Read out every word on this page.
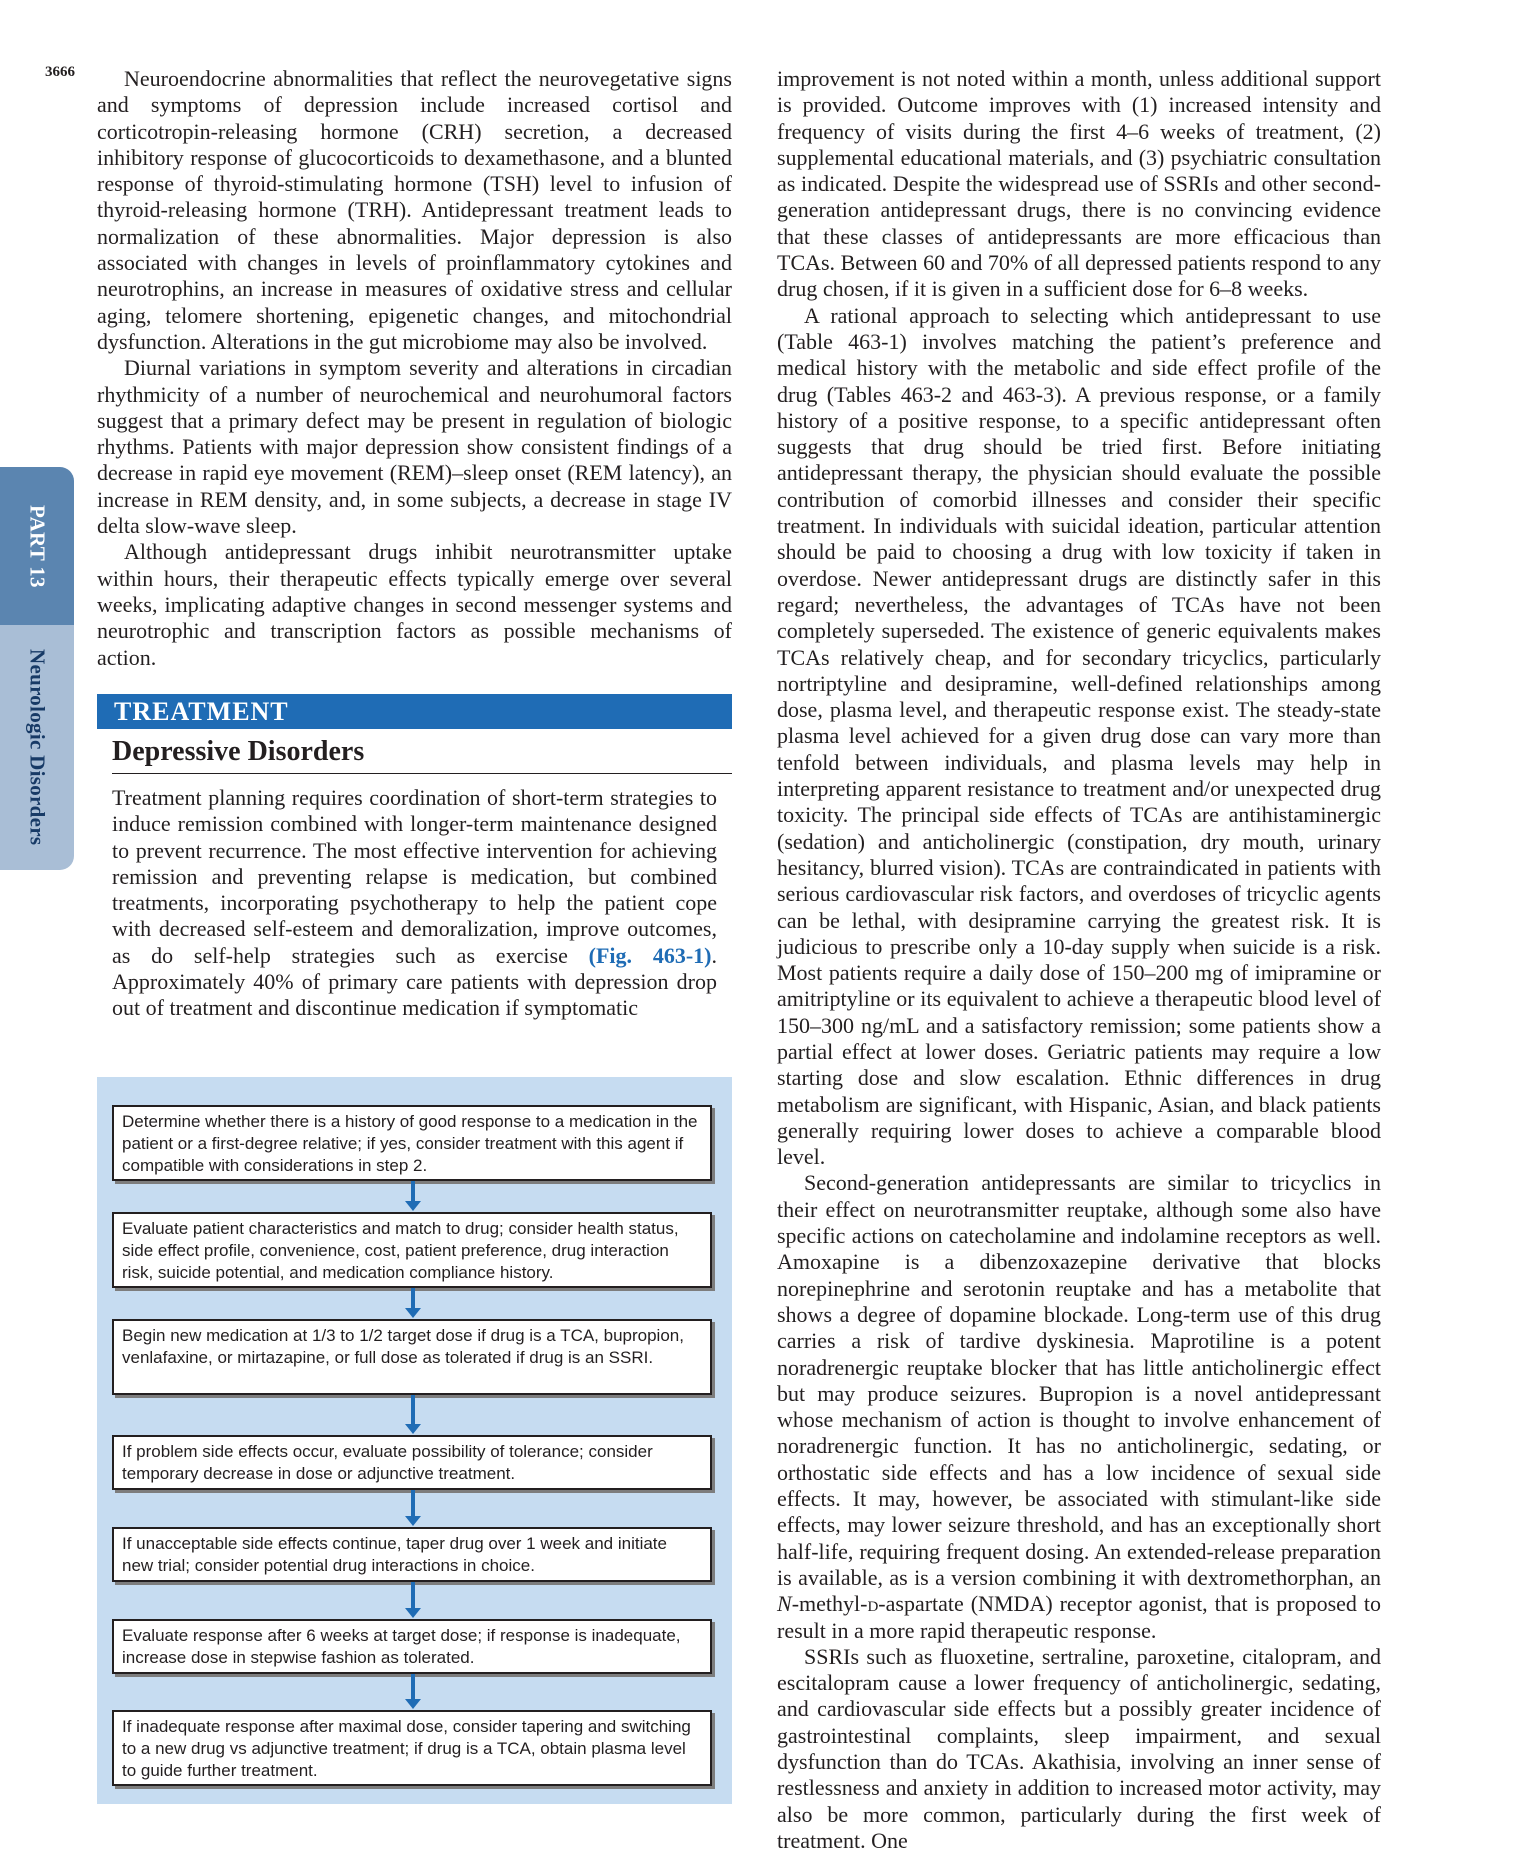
3666
PART 13
Neurologic Disorders

Neuroendocrine abnormalities that reflect the neurovegetative signs and symptoms of depression include increased cortisol and corticotropin-releasing hormone (CRH) secretion, a decreased inhibitory response of glucocorticoids to dexamethasone, and a blunted response of thyroid-stimulating hormone (TSH) level to infusion of thyroid-releasing hormone (TRH). Antidepressant treatment leads to normalization of these abnormalities. Major depression is also associated with changes in levels of proinflammatory cytokines and neurotrophins, an increase in measures of oxidative stress and cellular aging, telomere shortening, epigenetic changes, and mitochondrial dysfunction. Alterations in the gut microbiome may also be involved.

Diurnal variations in symptom severity and alterations in circadian rhythmicity of a number of neurochemical and neurohumoral factors suggest that a primary defect may be present in regulation of biologic rhythms. Patients with major depression show consistent findings of a decrease in rapid eye movement (REM)–sleep onset (REM latency), an increase in REM density, and, in some subjects, a decrease in stage IV delta slow-wave sleep.

Although antidepressant drugs inhibit neurotransmitter uptake within hours, their therapeutic effects typically emerge over several weeks, implicating adaptive changes in second messenger systems and neurotrophic and transcription factors as possible mechanisms of action.

TREATMENT
Depressive Disorders
Treatment planning requires coordination of short-term strategies to induce remission combined with longer-term maintenance designed to prevent recurrence. The most effective intervention for achieving remission and preventing relapse is medication, but combined treatments, incorporating psychotherapy to help the patient cope with decreased self-esteem and demoralization, improve outcomes, as do self-help strategies such as exercise (Fig. 463-1). Approximately 40% of primary care patients with depression drop out of treatment and discontinue medication if symptomatic
Determine whether there is a history of good response to a medication in the patient or a first-degree relative; if yes, consider treatment with this agent if compatible with considerations in step 2.
Evaluate patient characteristics and match to drug; consider health status, side effect profile, convenience, cost, patient preference, drug interaction risk, suicide potential, and medication compliance history.
Begin new medication at 1/3 to 1/2 target dose if drug is a TCA, bupropion, venlafaxine, or mirtazapine, or full dose as tolerated if drug is an SSRI.
If problem side effects occur, evaluate possibility of tolerance; consider temporary decrease in dose or adjunctive treatment.
If unacceptable side effects continue, taper drug over 1 week and initiate new trial; consider potential drug interactions in choice.
Evaluate response after 6 weeks at target dose; if response is inadequate, increase dose in stepwise fashion as tolerated.
If inadequate response after maximal dose, consider tapering and switching to a new drug vs adjunctive treatment; if drug is a TCA, obtain plasma level to guide further treatment.

improvement is not noted within a month, unless additional support is provided. Outcome improves with (1) increased intensity and frequency of visits during the first 4–6 weeks of treatment, (2) supplemental educational materials, and (3) psychiatric consultation as indicated. Despite the widespread use of SSRIs and other second-generation antidepressant drugs, there is no convincing evidence that these classes of antidepressants are more efficacious than TCAs. Between 60 and 70% of all depressed patients respond to any drug chosen, if it is given in a sufficient dose for 6–8 weeks.

A rational approach to selecting which antidepressant to use (Table 463-1) involves matching the patient’s preference and medical history with the metabolic and side effect profile of the drug (Tables 463-2 and 463-3). A previous response, or a family history of a positive response, to a specific antidepressant often suggests that drug should be tried first. Before initiating antidepressant therapy, the physician should evaluate the possible contribution of comorbid illnesses and consider their specific treatment. In individuals with suicidal ideation, particular attention should be paid to choosing a drug with low toxicity if taken in overdose. Newer antidepressant drugs are distinctly safer in this regard; nevertheless, the advantages of TCAs have not been completely superseded. The existence of generic equivalents makes TCAs relatively cheap, and for secondary tricyclics, particularly nortriptyline and desipramine, well-defined relationships among dose, plasma level, and therapeutic response exist. The steady-state plasma level achieved for a given drug dose can vary more than tenfold between individuals, and plasma levels may help in interpreting apparent resistance to treatment and/or unexpected drug toxicity. The principal side effects of TCAs are antihistaminergic (sedation) and anticholinergic (constipation, dry mouth, urinary hesitancy, blurred vision). TCAs are contraindicated in patients with serious cardiovascular risk factors, and overdoses of tricyclic agents can be lethal, with desipramine carrying the greatest risk. It is judicious to prescribe only a 10-day supply when suicide is a risk. Most patients require a daily dose of 150–200 mg of imipramine or amitriptyline or its equivalent to achieve a therapeutic blood level of 150–300 ng/mL and a satisfactory remission; some patients show a partial effect at lower doses. Geriatric patients may require a low starting dose and slow escalation. Ethnic differences in drug metabolism are significant, with Hispanic, Asian, and black patients generally requiring lower doses to achieve a comparable blood level.

Second-generation antidepressants are similar to tricyclics in their effect on neurotransmitter reuptake, although some also have specific actions on catecholamine and indolamine receptors as well. Amoxapine is a dibenzoxazepine derivative that blocks norepinephrine and serotonin reuptake and has a metabolite that shows a degree of dopamine blockade. Long-term use of this drug carries a risk of tardive dyskinesia. Maprotiline is a potent noradrenergic reuptake blocker that has little anticholinergic effect but may produce seizures. Bupropion is a novel antidepressant whose mechanism of action is thought to involve enhancement of noradrenergic function. It has no anticholinergic, sedating, or orthostatic side effects and has a low incidence of sexual side effects. It may, however, be associated with stimulant-like side effects, may lower seizure threshold, and has an exceptionally short half-life, requiring frequent dosing. An extended-release preparation is available, as is a version combining it with dextromethorphan, an N-methyl-d-aspartate (NMDA) receptor agonist, that is proposed to result in a more rapid therapeutic response.

SSRIs such as fluoxetine, sertraline, paroxetine, citalopram, and escitalopram cause a lower frequency of anticholinergic, sedating, and cardiovascular side effects but a possibly greater incidence of gastrointestinal complaints, sleep impairment, and sexual dysfunction than do TCAs. Akathisia, involving an inner sense of restlessness and anxiety in addition to increased motor activity, may also be more common, particularly during the first week of treatment. One
